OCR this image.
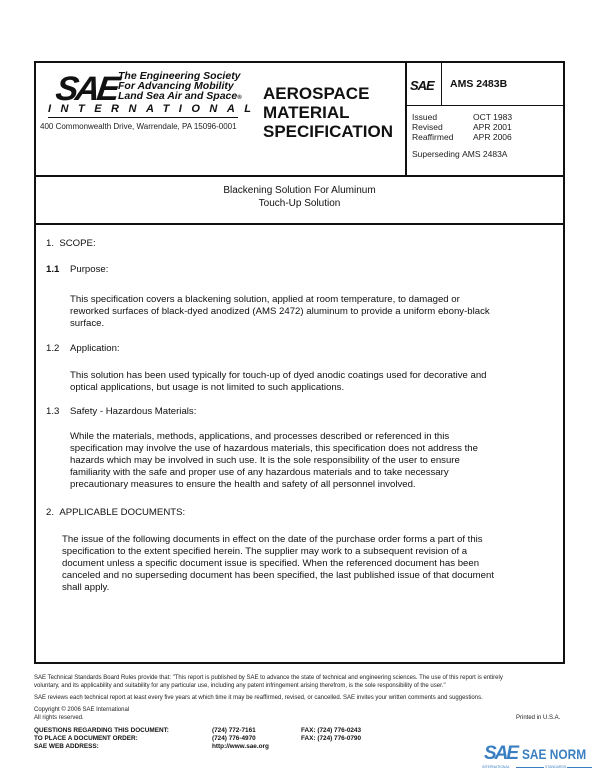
SAE
The Engineering Society
For Advancing Mobility
Land Sea Air and Space®
INTERNATIONAL
400 Commonwealth Drive, Warrendale, PA 15096-0001
AEROSPACE
MATERIAL
SPECIFICATION
SAE AMS 2483B
Issued
Revised
Reaffirmed
OCT 1983
APR 2001
APR 2006
Superseding AMS 2483A
Blackening Solution For Aluminum
Touch-Up Solution
1. SCOPE:
1.1 Purpose:
This specification covers a blackening solution, applied at room temperature, to damaged or
reworked surfaces of black-dyed anodized (AMS 2472) aluminum to provide a uniform ebony-black
surface.
1.2 Application:
This solution has been used typically for touch-up of dyed anodic coatings used for decorative and
optical applications, but usage is not limited to such applications.
1.3 Safety - Hazardous Materials:
While the materials, methods, applications, and processes described or referenced in this
specification may involve the use of hazardous materials, this specification does not address the
hazards which may be involved in such use. It is the sole responsibility of the user to ensure
familiarity with the safe and proper use of any hazardous materials and to take necessary
precautionary measures to ensure the health and safety of all personnel involved.
2. APPLICABLE DOCUMENTS:
The issue of the following documents in effect on the date of the purchase order forms a part of this
specification to the extent specified herein. The supplier may work to a subsequent revision of a
document unless a specific document issue is specified. When the referenced document has been
canceled and no superseding document has been specified, the last published issue of that document
shall apply.
SAE Technical Standards Board Rules provide that: "This report is published by SAE to advance the state of technical and engineering sciences. The use of this report is entirely
voluntary, and its applicability and suitability for any particular use, including any patent infringement arising therefrom, is the sole responsibility of the user."
SAE reviews each technical report at least every five years at which time it may be reaffirmed, revised, or cancelled. SAE invites your written comments and suggestions.
Copyright © 2006 SAE International
All rights reserved.	Printed in U.S.A.
QUESTIONS REGARDING THIS DOCUMENT:
TO PLACE A DOCUMENT ORDER:
SAE WEB ADDRESS:
(724) 772-7161
(724) 776-4970
http://www.sae.org
FAX: (724) 776-0243
FAX: (724) 776-0790
SAE SAE NORM
INTERNATIONAL	STANDARDS
